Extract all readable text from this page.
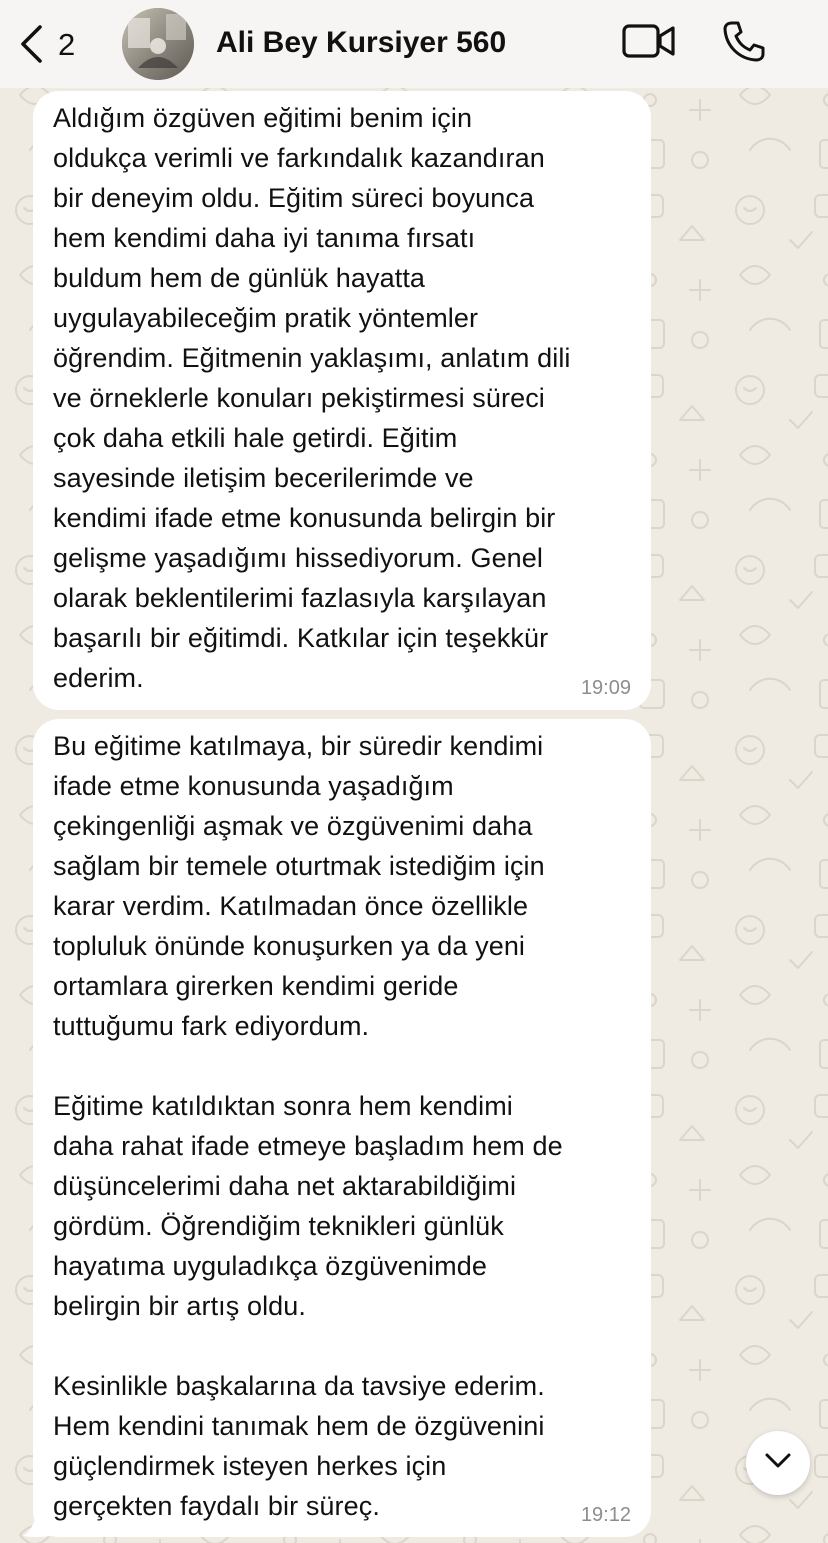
2	Ali Bey Kursiyer 560
Aldığım özgüven eğitimi benim için
oldukça verimli ve farkındalık kazandıran
bir deneyim oldu. Eğitim süreci boyunca
hem kendimi daha iyi tanıma fırsatı
buldum hem de günlük hayatta
uygulayabileceğim pratik yöntemler
öğrendim. Eğitmenin yaklaşımı, anlatım dili
ve örneklerle konuları pekiştirmesi süreci
çok daha etkili hale getirdi. Eğitim
sayesinde iletişim becerilerimde ve
kendimi ifade etme konusunda belirgin bir
gelişme yaşadığımı hissediyorum. Genel
olarak beklentilerimi fazlasıyla karşılayan
başarılı bir eğitimdi. Katkılar için teşekkür
ederim.	19:09
Bu eğitime katılmaya, bir süredir kendimi
ifade etme konusunda yaşadığım
çekingenliği aşmak ve özgüvenimi daha
sağlam bir temele oturtmak istediğim için
karar verdim. Katılmadan önce özellikle
topluluk önünde konuşurken ya da yeni
ortamlara girerken kendimi geride
tuttuğumu fark ediyordum.

Eğitime katıldıktan sonra hem kendimi
daha rahat ifade etmeye başladım hem de
düşüncelerimi daha net aktarabildiğimi
gördüm. Öğrendiğim teknikleri günlük
hayatıma uyguladıkça özgüvenimde
belirgin bir artış oldu.

Kesinlikle başkalarına da tavsiye ederim.
Hem kendini tanımak hem de özgüvenini
güçlendirmek isteyen herkes için
gerçekten faydalı bir süreç.	19:12
